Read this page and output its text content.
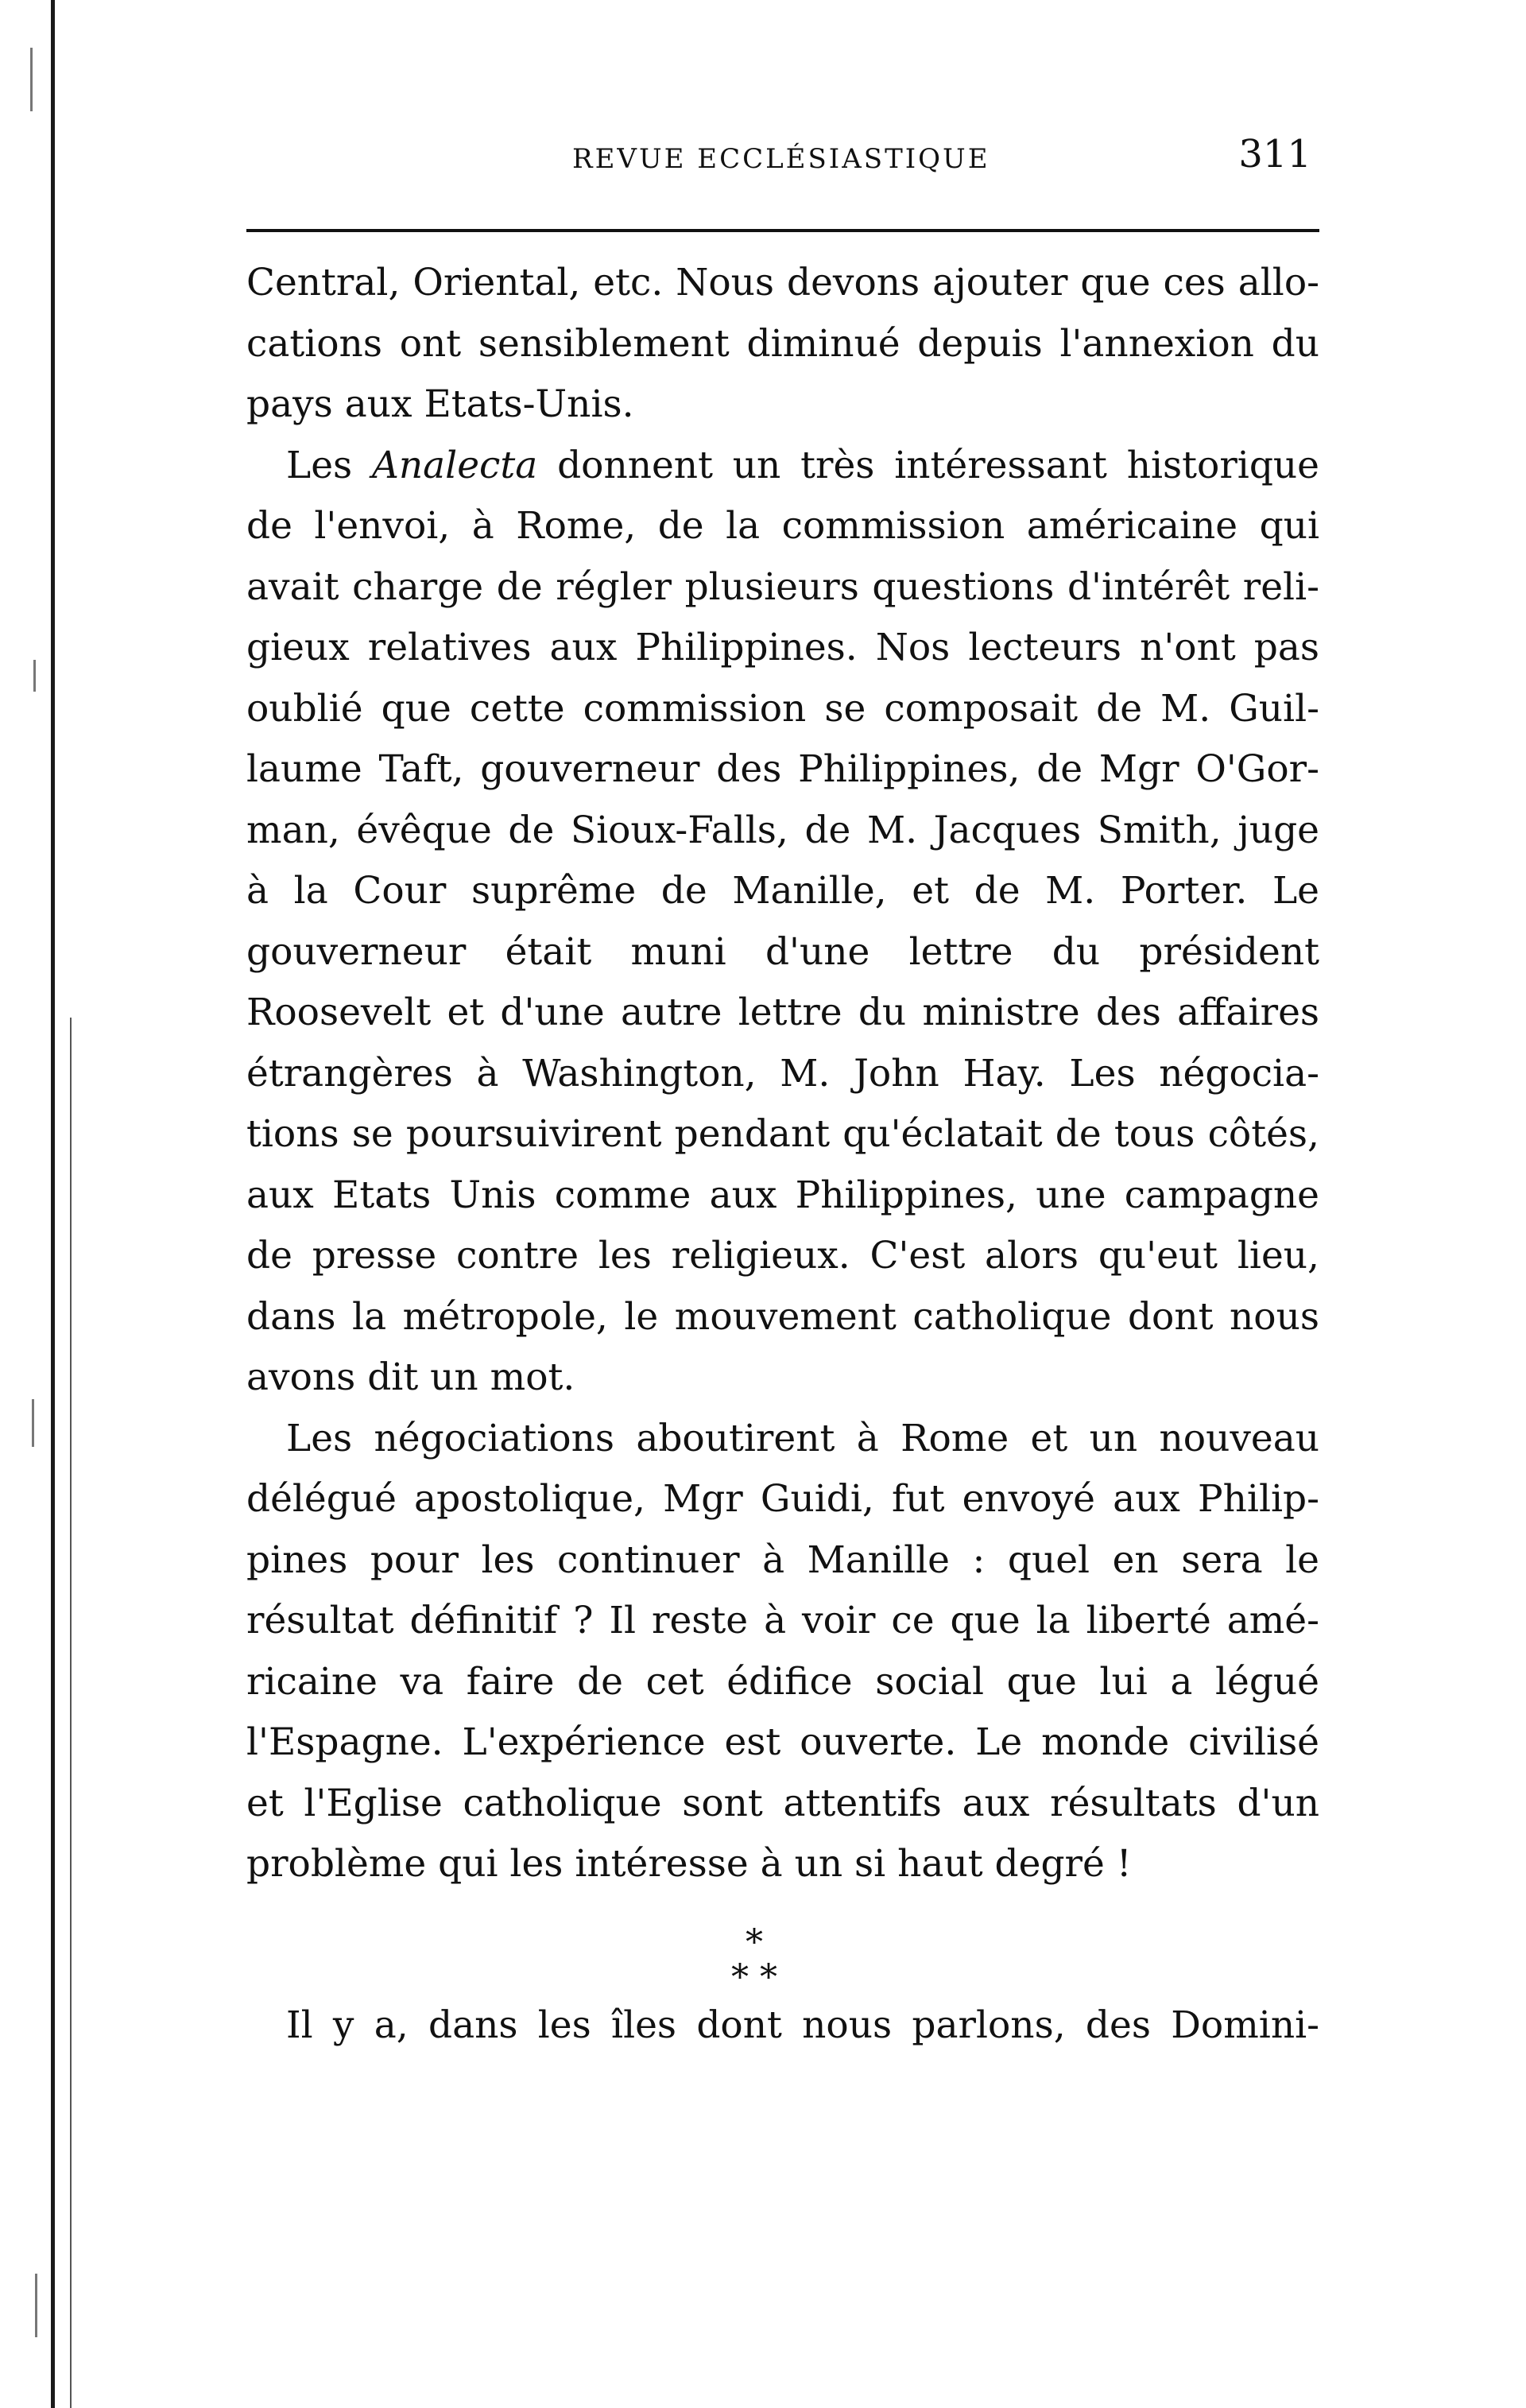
REVUE ECCLÉSIASTIQUE	311
Central, Oriental, etc. Nous devons ajouter que ces allo-
cations ont sensiblement diminué depuis l'annexion du
pays aux Etats-Unis.
Les Analecta donnent un très intéressant historique
de l'envoi, à Rome, de la commission américaine qui
avait charge de régler plusieurs questions d'intérêt reli-
gieux relatives aux Philippines. Nos lecteurs n'ont pas
oublié que cette commission se composait de M. Guil-
laume Taft, gouverneur des Philippines, de Mgr O'Gor-
man, évêque de Sioux-Falls, de M. Jacques Smith, juge
à la Cour suprême de Manille, et de M. Porter. Le
gouverneur était muni d'une lettre du président
Roosevelt et d'une autre lettre du ministre des affaires
étrangères à Washington, M. John Hay. Les négocia-
tions se poursuivirent pendant qu'éclatait de tous côtés,
aux Etats Unis comme aux Philippines, une campagne
de presse contre les religieux. C'est alors qu'eut lieu,
dans la métropole, le mouvement catholique dont nous
avons dit un mot.
Les négociations aboutirent à Rome et un nouveau
délégué apostolique, Mgr Guidi, fut envoyé aux Philip-
pines pour les continuer à Manille : quel en sera le
résultat définitif ? Il reste à voir ce que la liberté amé-
ricaine va faire de cet édifice social que lui a légué
l'Espagne. L'expérience est ouverte. Le monde civilisé
et l'Eglise catholique sont attentifs aux résultats d'un
problème qui les intéresse à un si haut degré !
*
* *
Il y a, dans les îles dont nous parlons, des Domini-
